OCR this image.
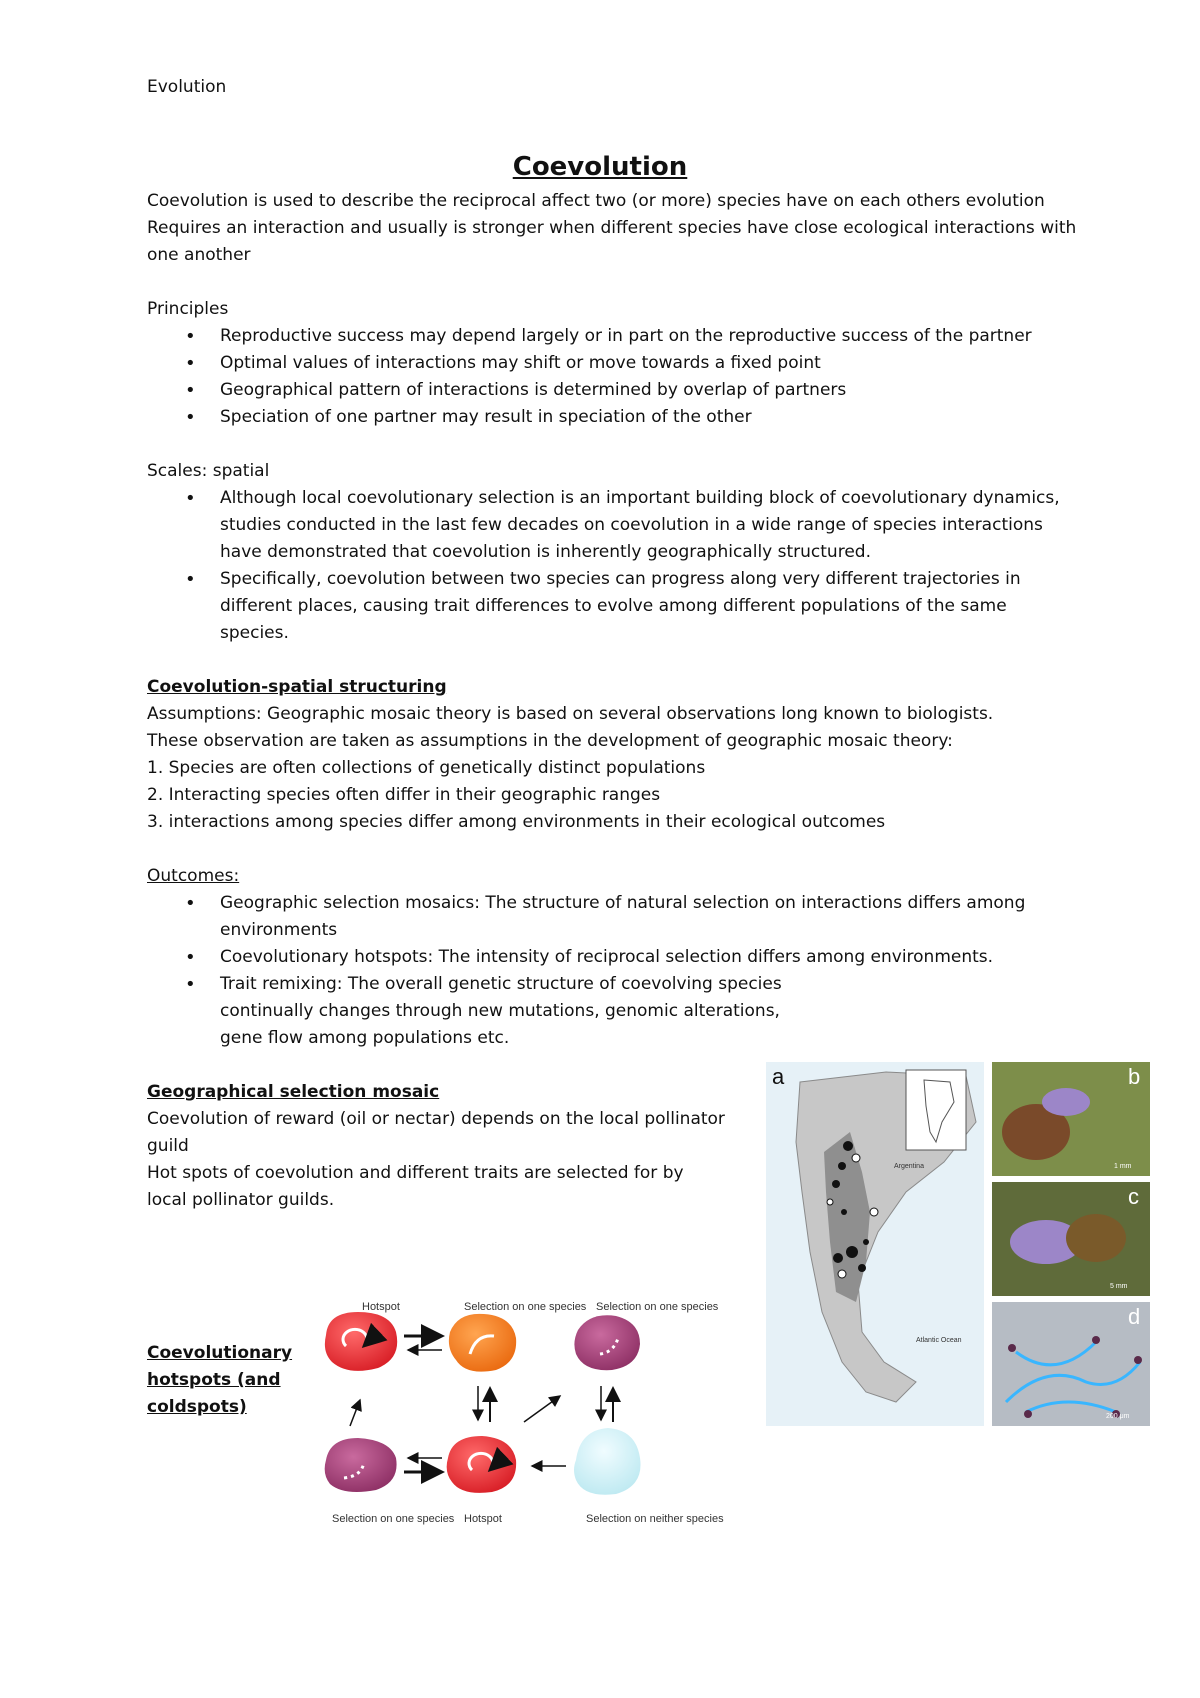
Evolution
Coevolution

Coevolution is used to describe the reciprocal affect two (or more) species have on each others evolution

Requires an interaction and usually is stronger when different species have close ecological interactions with one another

Principles

• Reproductive success may depend largely or in part on the reproductive success of the partner
• Optimal values of interactions may shift or move towards a fixed point
• Geographical pattern of interactions is determined by overlap of partners
• Speciation of one partner may result in speciation of the other

Scales: spatial

• Although local coevolutionary selection is an important building block of coevolutionary dynamics, studies conducted in the last few decades on coevolution in a wide range of species interactions have demonstrated that coevolution is inherently geographically structured.
• Specifically, coevolution between two species can progress along very different trajectories in different places, causing trait differences to evolve among different populations of the same species.

Coevolution-spatial structuring

Assumptions: Geographic mosaic theory is based on several observations long known to biologists.

These observation are taken as assumptions in the development of geographic mosaic theory:

1. Species are often collections of genetically distinct populations

2. Interacting species often differ in their geographic ranges

3. interactions among species differ among environments in their ecological outcomes

Outcomes:

• Geographic selection mosaics: The structure of natural selection on interactions differs among environments
• Coevolutionary hotspots: The intensity of reciprocal selection differs among environments.
• Trait remixing: The overall genetic structure of coevolving species continually changes through new mutations, genomic alterations, gene flow among populations etc.

Geographical selection mosaic

Coevolution of reward (oil or nectar) depends on the local pollinator guild

Hot spots of coevolution and different traits are selected for by local pollinator guilds.

Coevolutionary hotspots (and coldspots)
Hotspot	Selection on one species Selection on one species
Selection on one species Hotspot	Selection on neither species
a
Argentina
Atlantic Ocean
b
1 mm
c
5 mm
d
200 μm
